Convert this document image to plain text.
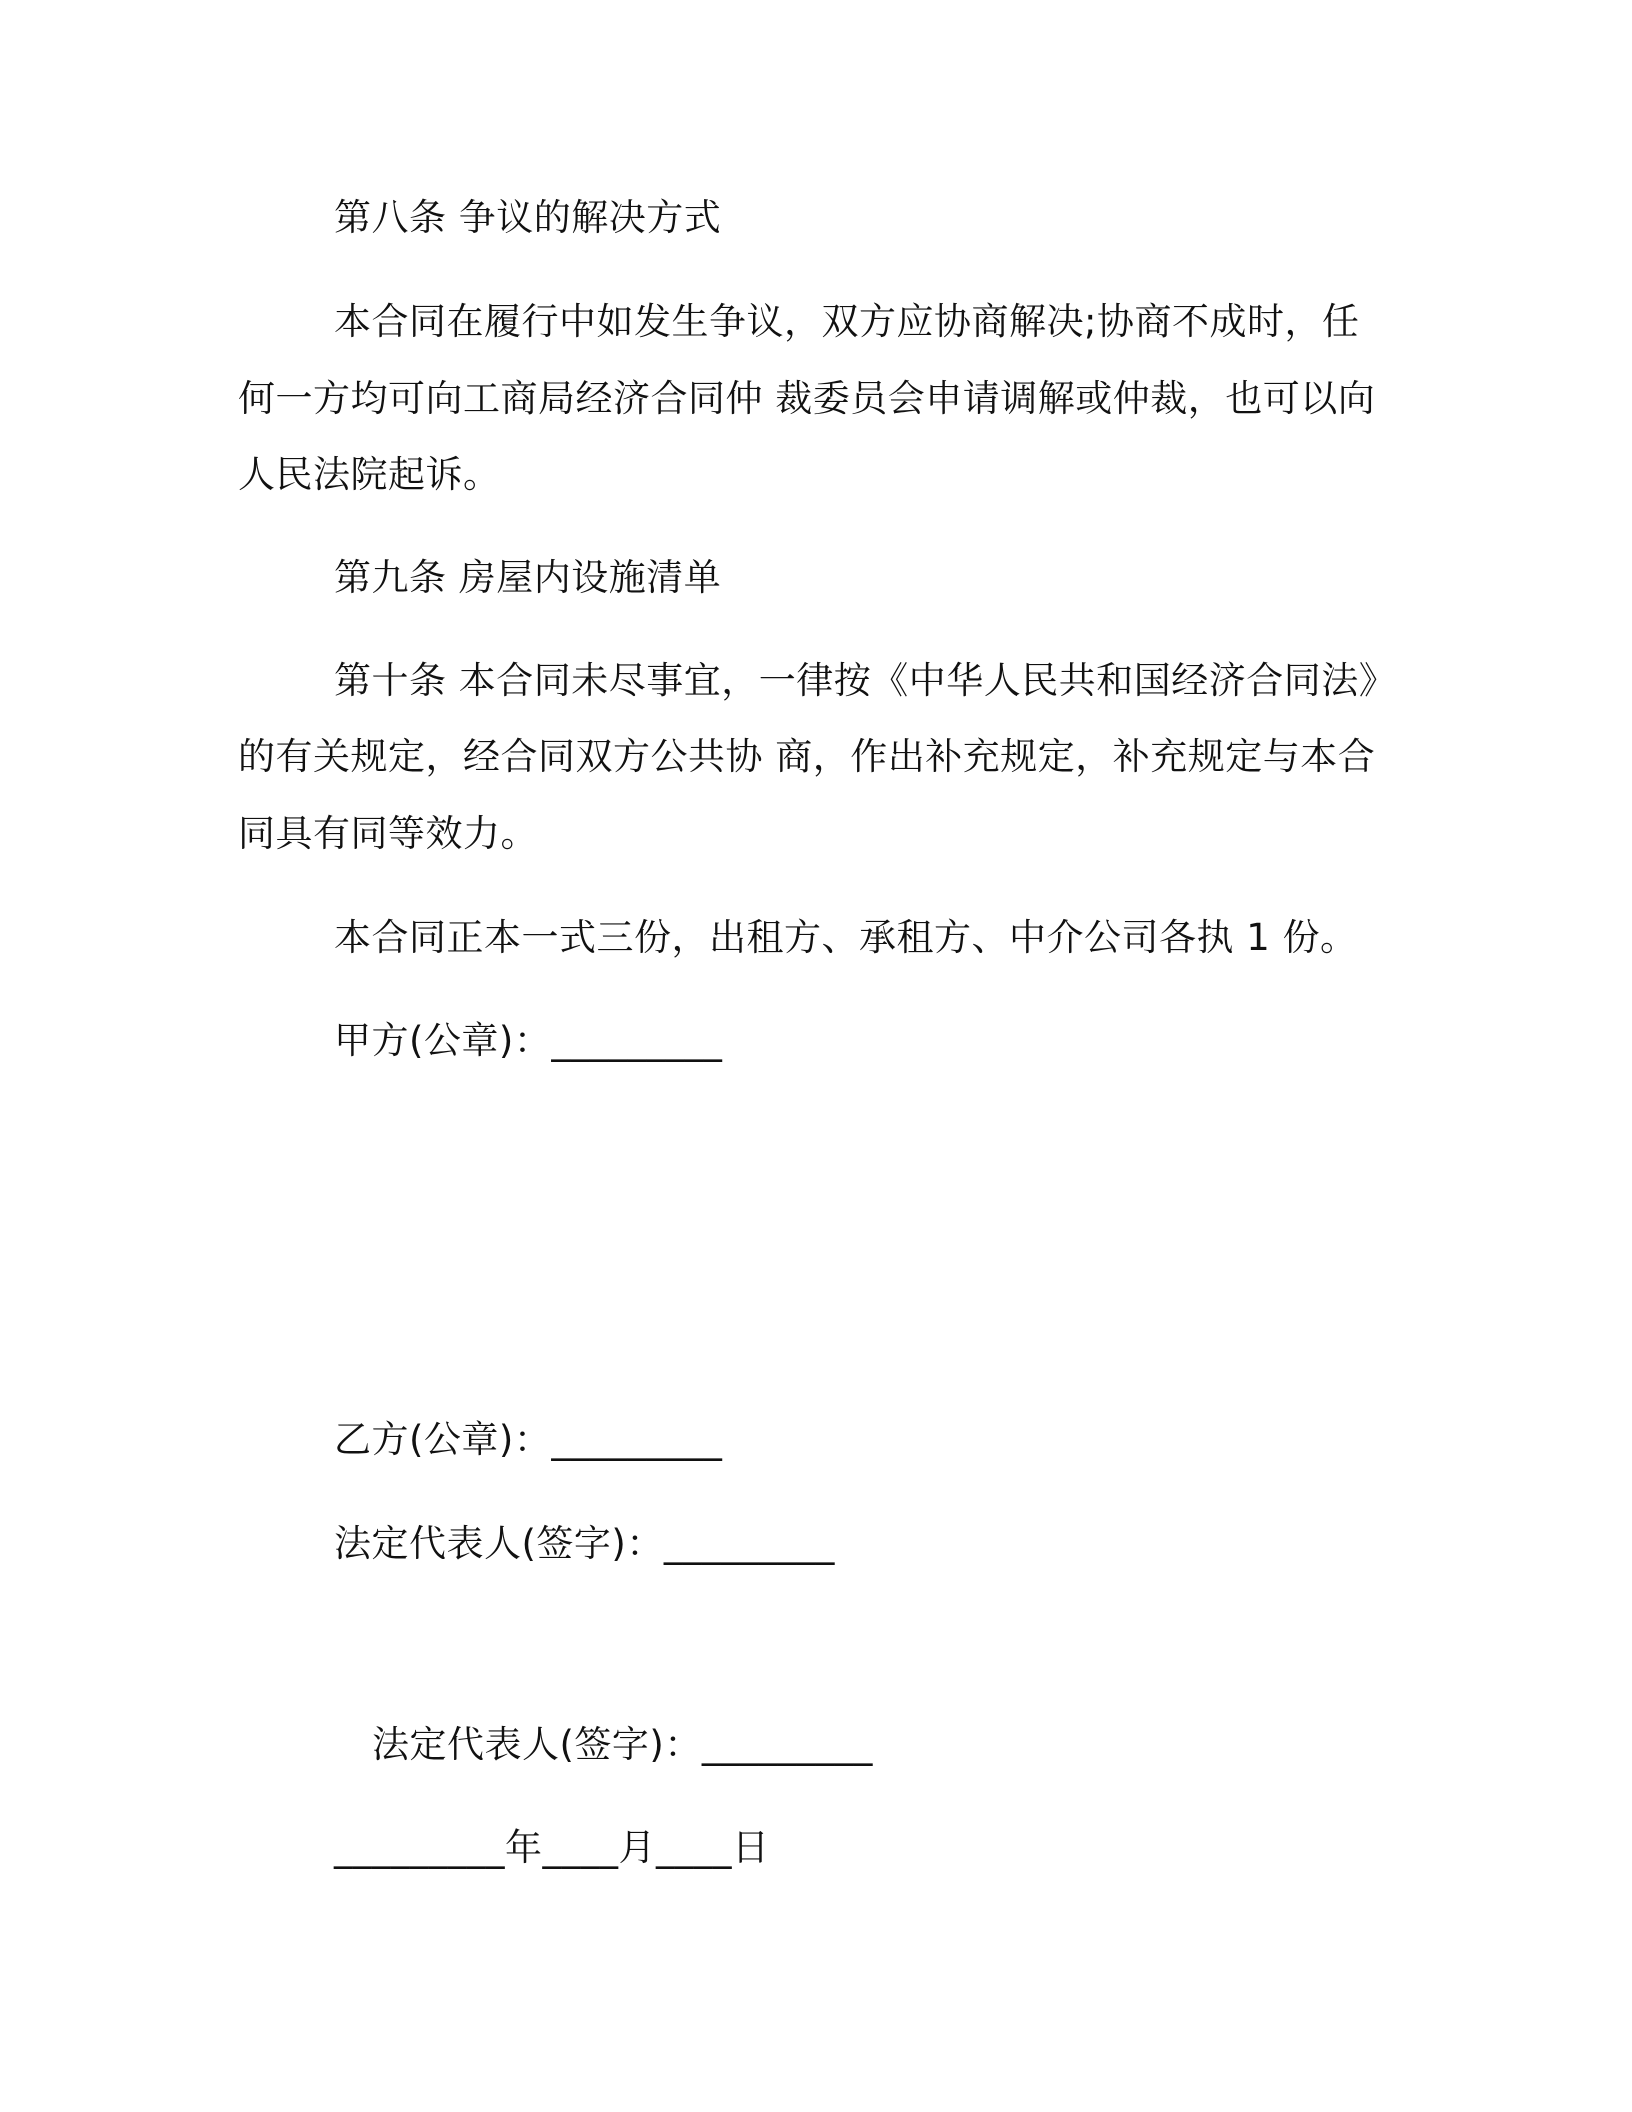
第八条 争议的解决方式
本合同在履行中如发生争议，双方应协商解决;协商不成时，任
何一方均可向工商局经济合同仲 裁委员会申请调解或仲裁，也可以向
人民法院起诉。
第九条 房屋内设施清单
第十条 本合同未尽事宜，一律按《中华人民共和国经济合同法》
的有关规定，经合同双方公共协 商，作出补充规定，补充规定与本合
同具有同等效力。
本合同正本一式三份，出租方、承租方、中介公司各执 1 份。
甲方(公章)：_________
乙方(公章)：_________
法定代表人(签字)：_________
法定代表人(签字)：_________
_________年____月____日
